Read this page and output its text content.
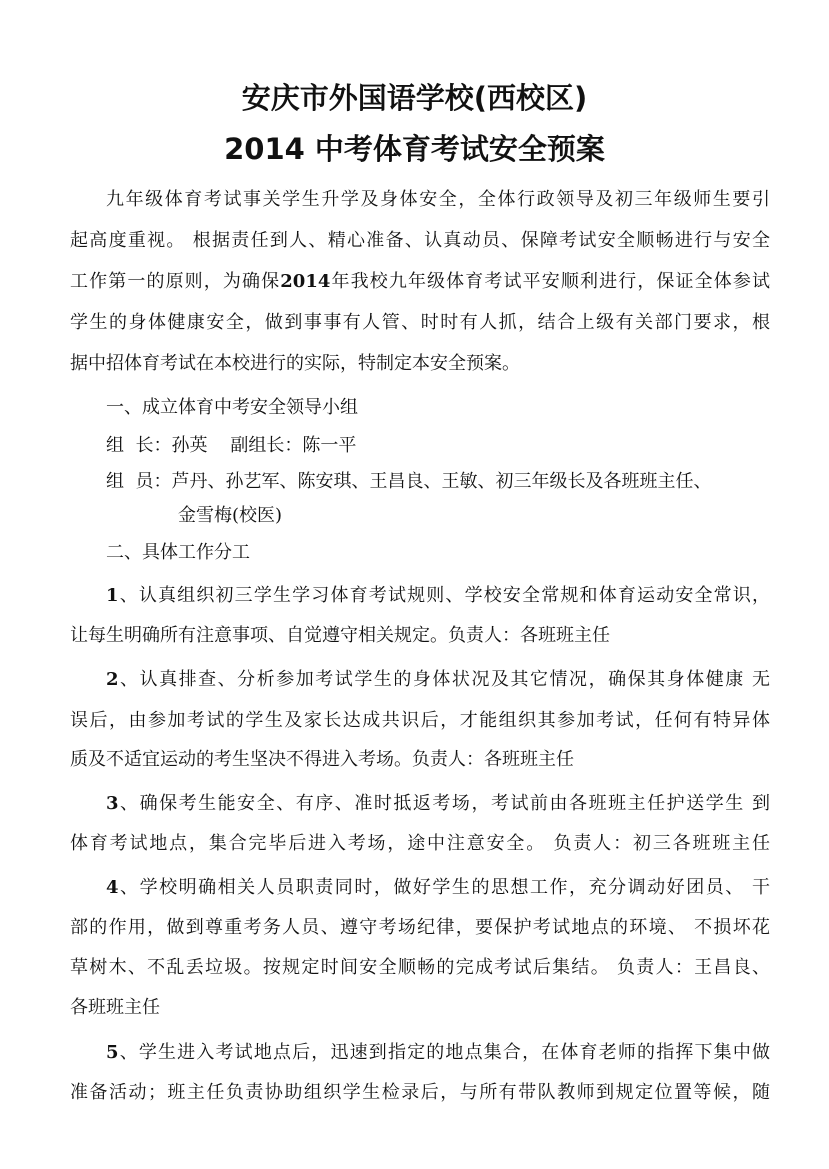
安庆市外国语学校(西校区)
2014 中考体育考试安全预案
九年级体育考试事关学生升学及身体安全，全体行政领导及初三年级师生要引
起高度重视。 根据责任到人、精心准备、认真动员、保障考试安全顺畅进行与安全
工作第一的原则，为确保2014年我校九年级体育考试平安顺利进行，保证全体参试
学生的身体健康安全，做到事事有人管、时时有人抓，结合上级有关部门要求，根
据中招体育考试在本校进行的实际，特制定本安全预案。
一、成立体育中考安全领导小组
组  长：孙英    副组长：陈一平
组  员：芦丹、孙艺军、陈安琪、王昌良、王敏、初三年级长及各班班主任、
金雪梅(校医)
二、具体工作分工
1、认真组织初三学生学习体育考试规则、学校安全常规和体育运动安全常识，
让每生明确所有注意事项、自觉遵守相关规定。负责人：各班班主任
2、认真排查、分析参加考试学生的身体状况及其它情况，确保其身体健康 无
误后，由参加考试的学生及家长达成共识后，才能组织其参加考试，任何有特异体
质及不适宜运动的考生坚决不得进入考场。负责人：各班班主任
3、确保考生能安全、有序、准时抵返考场，考试前由各班班主任护送学生 到
体育考试地点，集合完毕后进入考场，途中注意安全。 负责人：初三各班班主任
4、学校明确相关人员职责同时，做好学生的思想工作，充分调动好团员、 干
部的作用，做到尊重考务人员、遵守考场纪律，要保护考试地点的环境、 不损坏花
草树木、不乱丢垃圾。按规定时间安全顺畅的完成考试后集结。 负责人：王昌良、
各班班主任
5、学生进入考试地点后，迅速到指定的地点集合，在体育老师的指挥下集中做
准备活动；班主任负责协助组织学生检录后，与所有带队教师到规定位置等候，随
